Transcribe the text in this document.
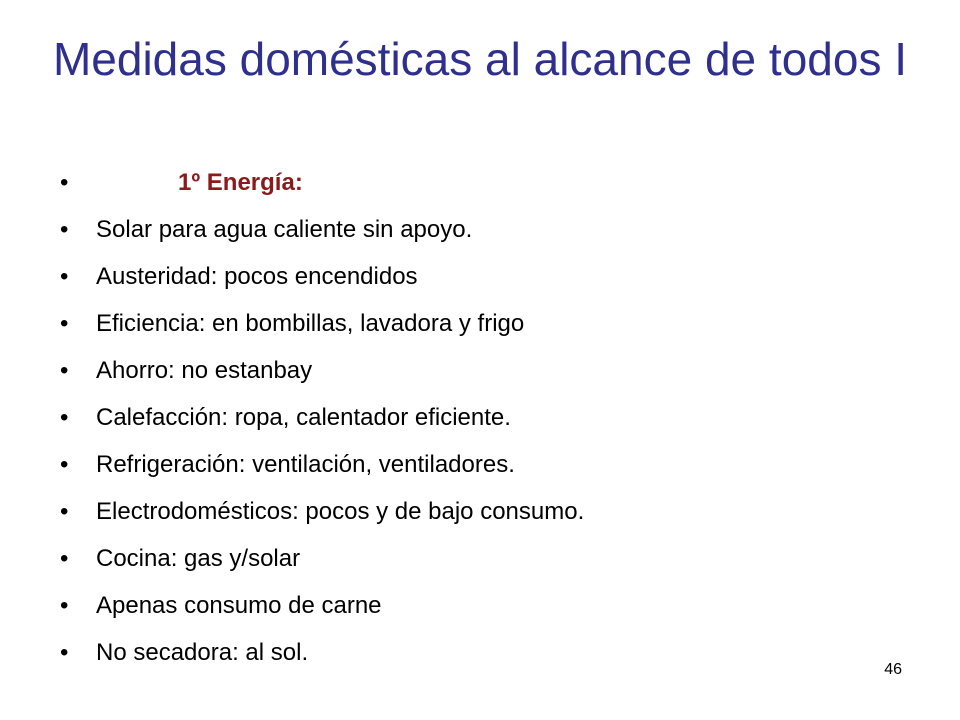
Medidas domésticas al alcance de todos I
•	1º Energía:
•	Solar para agua caliente sin apoyo.
•	Austeridad: pocos encendidos
•	Eficiencia: en bombillas, lavadora y frigo
•	Ahorro: no estanbay
•	Calefacción: ropa, calentador eficiente.
•	Refrigeración: ventilación, ventiladores.
•	Electrodomésticos: pocos y de bajo consumo.
•	Cocina: gas y/solar
•	Apenas consumo de carne
•	No secadora: al sol.
46
